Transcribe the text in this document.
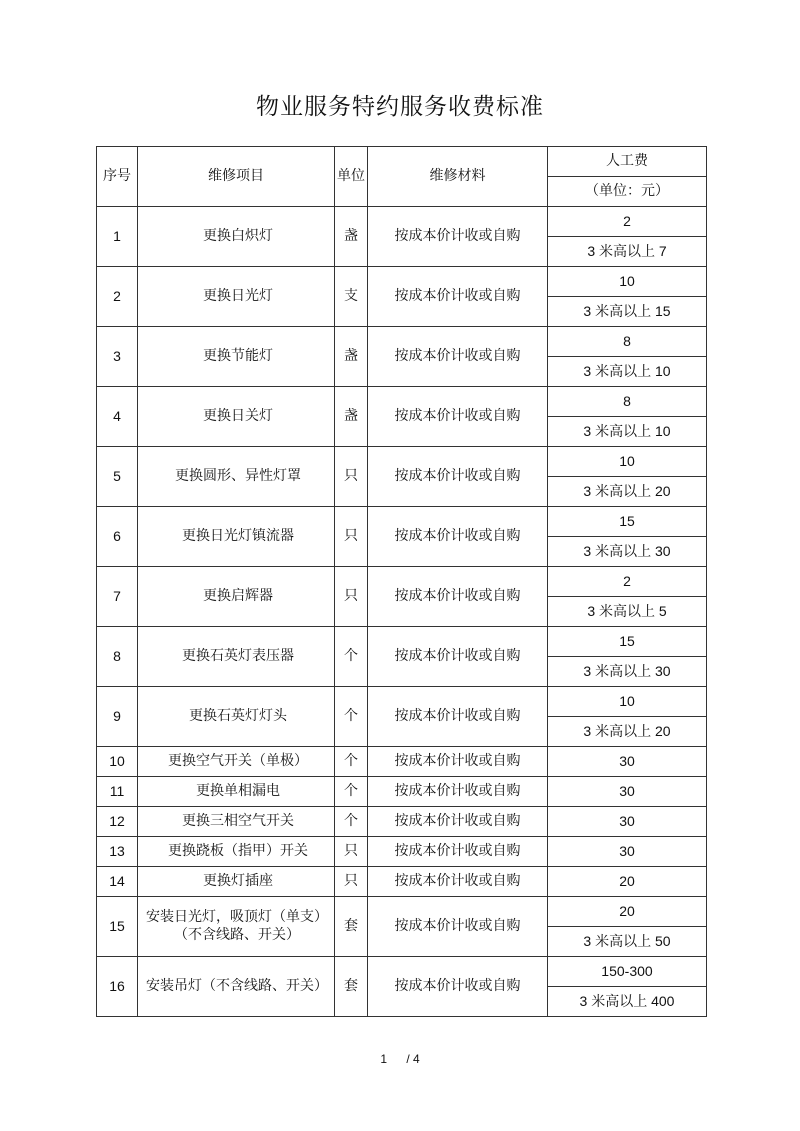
物业服务特约服务收费标准
序号	维修项目	单位	维修材料	人工费
				（单位：元）
1	更换白炽灯	盏	按成本价计收或自购	2
				3 米高以上 7
2	更换日光灯	支	按成本价计收或自购	10
				3 米高以上 15
3	更换节能灯	盏	按成本价计收或自购	8
				3 米高以上 10
4	更换日关灯	盏	按成本价计收或自购	8
				3 米高以上 10
5	更换圆形、异性灯罩	只	按成本价计收或自购	10
				3 米高以上 20
6	更换日光灯镇流器	只	按成本价计收或自购	15
				3 米高以上 30
7	更换启辉器	只	按成本价计收或自购	2
				3 米高以上 5
8	更换石英灯表压器	个	按成本价计收或自购	15
				3 米高以上 30
9	更换石英灯灯头	个	按成本价计收或自购	10
				3 米高以上 20
10	更换空气开关（单极）	个	按成本价计收或自购	30
11	更换单相漏电	个	按成本价计收或自购	30
12	更换三相空气开关	个	按成本价计收或自购	30
13	更换跷板（指甲）开关	只	按成本价计收或自购	30
14	更换灯插座	只	按成本价计收或自购	20
15	安装日光灯，吸顶灯（单支）（不含线路、开关）	套	按成本价计收或自购	20
				3 米高以上 50
16	安装吊灯（不含线路、开关）	套	按成本价计收或自购	150-300
				3 米高以上 400
1 / 4
